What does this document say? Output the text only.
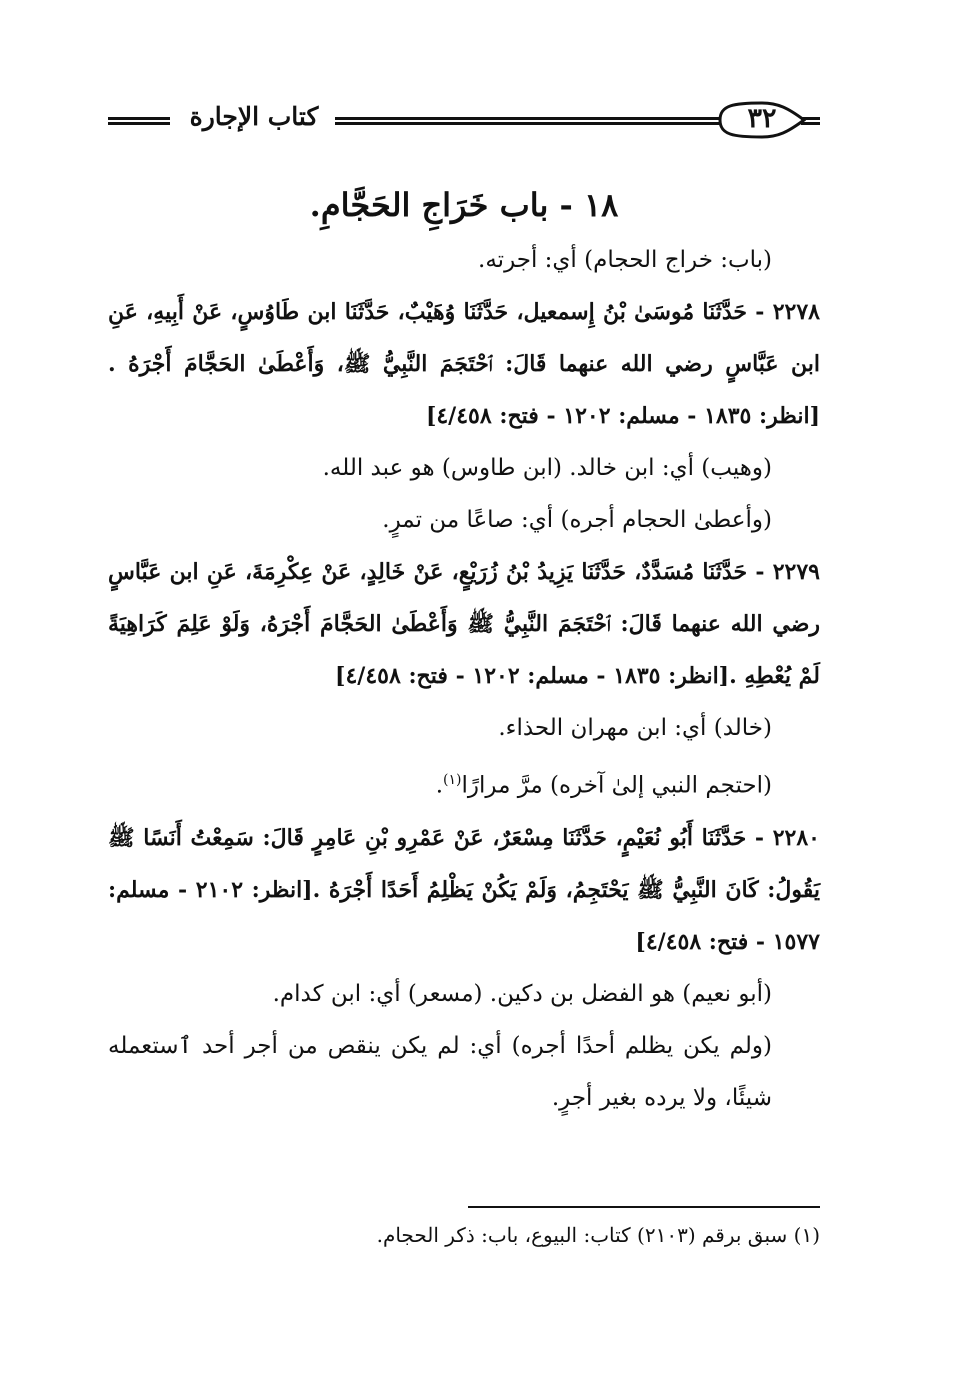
كتاب الإجارة	٣٢
١٨ - باب خَرَاجِ الحَجَّامِ.
(باب: خراج الحجام) أي: أجرته.
٢٢٧٨ - حَدَّثَنَا مُوسَىٰ بْنُ إِسمعيل، حَدَّثَنَا وُهَيْبٌ، حَدَّثَنَا ابن طَاوُسٍ، عَنْ أَبِيهِ، عَنِ ابن عَبَّاسٍ رضي الله عنهما قَالَ: ٱحْتَجَمَ النَّبِيُّ ﷺ، وَأَعْطَىٰ الحَجَّامَ أَجْرَهُ .[انظر: ١٨٣٥ - مسلم: ١٢٠٢ - فتح: ٤/٤٥٨]
(وهيب) أي: ابن خالد. (ابن طاوس) هو عبد الله.
(وأعطىٰ الحجام أجره) أي: صاعًا من تمرٍ.
٢٢٧٩ - حَدَّثَنَا مُسَدَّدٌ، حَدَّثَنَا يَزِيدُ بْنُ زُرَيْعٍ، عَنْ خَالِدٍ، عَنْ عِكْرِمَةَ، عَنِ ابن عَبَّاسٍ رضي الله عنهما قَالَ: ٱحْتَجَمَ النَّبِيُّ ﷺ وَأَعْطَىٰ الحَجَّامَ أَجْرَهُ، وَلَوْ عَلِمَ كَرَاهِيَةً لَمْ يُعْطِهِ .[انظر: ١٨٣٥ - مسلم: ١٢٠٢ - فتح: ٤/٤٥٨]
(خالد) أي: ابن مهران الحذاء.
(احتجم النبي إلىٰ آخره) مرَّ مرارًا$^{(١)}$.
٢٢٨٠ - حَدَّثَنَا أَبُو نُعَيْمٍ، حَدَّثَنَا مِسْعَرٌ، عَنْ عَمْرِو بْنِ عَامِرٍ قَالَ: سَمِعْتُ أَنَسًا ﷺ يَقُولُ: كَانَ النَّبِيُّ ﷺ يَحْتَجِمُ، وَلَمْ يَكُنْ يَظْلِمُ أَحَدًا أَجْرَهُ .[انظر: ٢١٠٢ - مسلم: ١٥٧٧ - فتح: ٤/٤٥٨]
(أبو نعيم) هو الفضل بن دكين. (مسعر) أي: ابن كدام.
(ولم يكن يظلم أحدًا أجره) أي: لم يكن ينقص من أجر أحد ٱستعمله شيئًا، ولا يرده بغير أجرٍ.
(١) سبق برقم (٢١٠٣) كتاب: البيوع، باب: ذكر الحجام.
